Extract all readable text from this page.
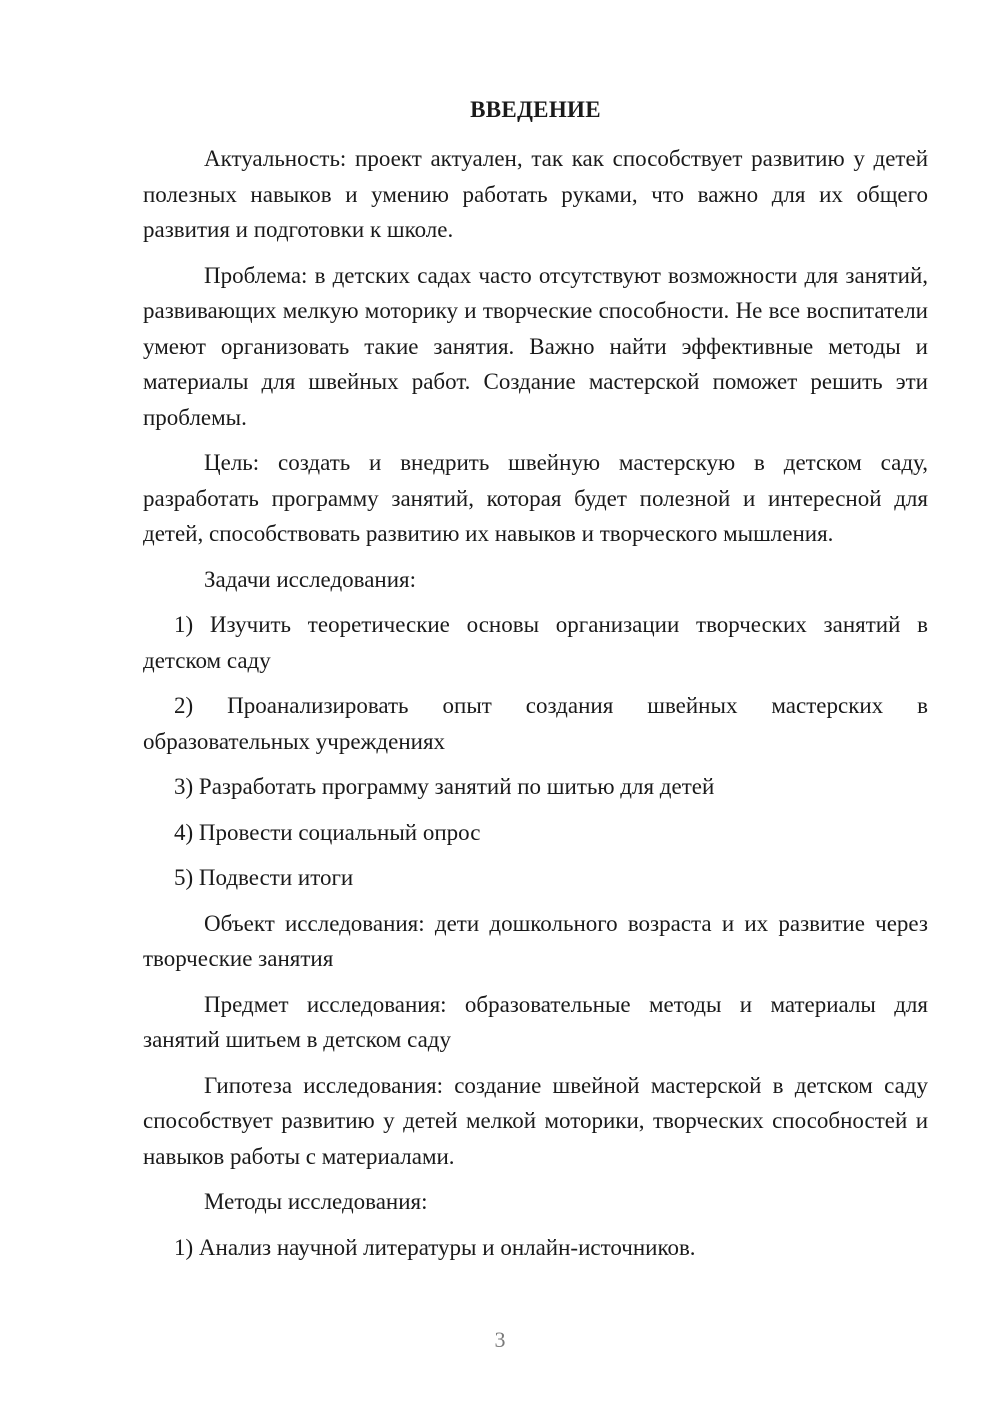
ВВЕДЕНИЕ

Актуальность: проект актуален, так как способствует развитию у детей полезных навыков и умению работать руками, что важно для их общего развития и подготовки к школе.

Проблема: в детских садах часто отсутствуют возможности для занятий, развивающих мелкую моторику и творческие способности. Не все воспитатели умеют организовать такие занятия. Важно найти эффективные методы и материалы для швейных работ. Создание мастерской поможет решить эти проблемы.

Цель: создать и внедрить швейную мастерскую в детском саду, разработать программу занятий, которая будет полезной и интересной для детей, способствовать развитию их навыков и творческого мышления.

Задачи исследования:

1) Изучить теоретические основы организации творческих занятий в детском саду

2) Проанализировать опыт создания швейных мастерских в образовательных учреждениях

3) Разработать программу занятий по шитью для детей

4) Провести социальный опрос

5) Подвести итоги

Объект исследования: дети дошкольного возраста и их развитие через творческие занятия

Предмет исследования: образовательные методы и материалы для занятий шитьем в детском саду

Гипотеза исследования: создание швейной мастерской в детском саду способствует развитию у детей мелкой моторики, творческих способностей и навыков работы с материалами.

Методы исследования:

1) Анализ научной литературы и онлайн-источников.

3
